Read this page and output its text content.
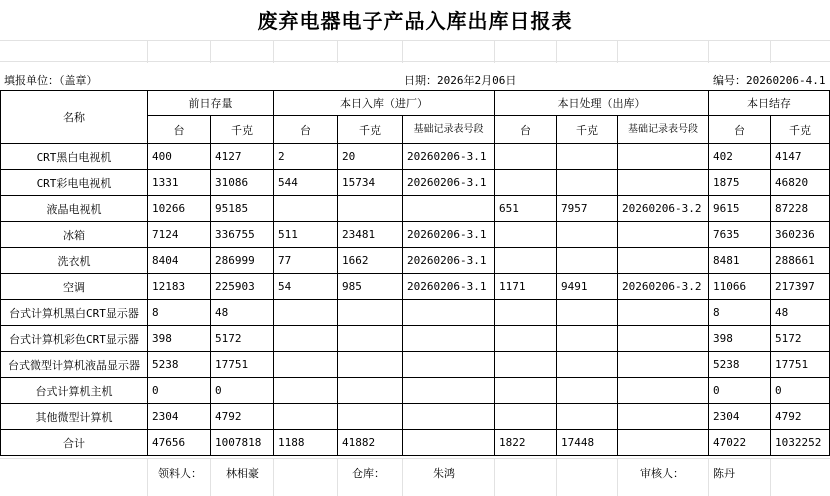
废弃电器电子产品入库出库日报表
填报单位：（盖章）	日期：2026年2月06日	编号：20260206-4.1
名称	前日存量		本日入库（进厂）			本日处理（出库）			本日结存	
	台	千克	台	千克	基础记录表号段	台	千克	基础记录表号段	台	千克
CRT黑白电视机	400	4127	2	20	20260206-3.1				402	4147
CRT彩电电视机	1331	31086	544	15734	20260206-3.1				1875	46820
液晶电视机	10266	95185				651	7957	20260206-3.2	9615	87228
冰箱	7124	336755	511	23481	20260206-3.1				7635	360236
洗衣机	8404	286999	77	1662	20260206-3.1				8481	288661
空调	12183	225903	54	985	20260206-3.1	1171	9491	20260206-3.2	11066	217397
台式计算机黑白CRT显示器	8	48							8	48
台式计算机彩色CRT显示器	398	5172							398	5172
台式微型计算机液晶显示器	5238	17751							5238	17751
台式计算机主机	0	0							0	0
其他微型计算机	2304	4792							2304	4792
合计	47656	1007818	1188	41882		1822	17448		47022	1032252
领料人： 林相豪	仓库：	朱鸿	审核人：	陈丹
